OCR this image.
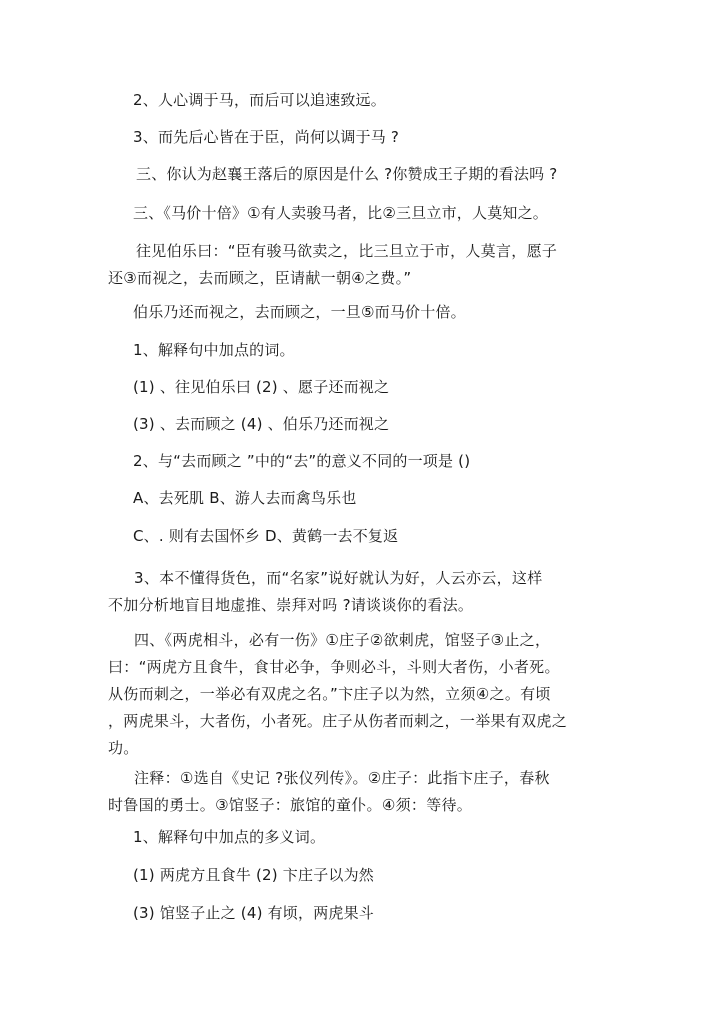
2、人心调于马，而后可以追速致远。
3、而先后心皆在于臣，尚何以调于马 ?
三、你认为赵襄王落后的原因是什么 ?你赞成王子期的看法吗 ?
三、《马价十倍》①有人卖骏马者，比②三旦立市，人莫知之。
往见伯乐曰：“臣有骏马欲卖之，比三旦立于市，人莫言，愿子
还③而视之，去而顾之，臣请献一朝④之费。”
伯乐乃还而视之，去而顾之，一旦⑤而马价十倍。
1、解释句中加点的词。
(1) 、往见伯乐曰 (2) 、愿子还而视之
(3) 、去而顾之 (4) 、伯乐乃还而视之
2、与“去而顾之 ”中的“去”的意义不同的一项是 ()
A、去死肌 B、游人去而禽鸟乐也
C、. 则有去国怀乡 D、黄鹤一去不复返
3、本不懂得货色，而“名家”说好就认为好，人云亦云，这样
不加分析地盲目地虚推、崇拜对吗 ?请谈谈你的看法。
四、《两虎相斗，必有一伤》①庄子②欲刺虎，馆竖子③止之，
曰：“两虎方且食牛，食甘必争，争则必斗，斗则大者伤，小者死。
从伤而刺之，一举必有双虎之名。”卞庄子以为然，立须④之。有顷
，两虎果斗，大者伤，小者死。庄子从伤者而刺之，一举果有双虎之
功。
注释：①选自《史记 ?张仪列传》。②庄子：此指卞庄子，春秋
时鲁国的勇士。③馆竖子：旅馆的童仆。④须：等待。
1、解释句中加点的多义词。
(1) 两虎方且食牛 (2) 卞庄子以为然
(3) 馆竖子止之 (4) 有顷，两虎果斗
